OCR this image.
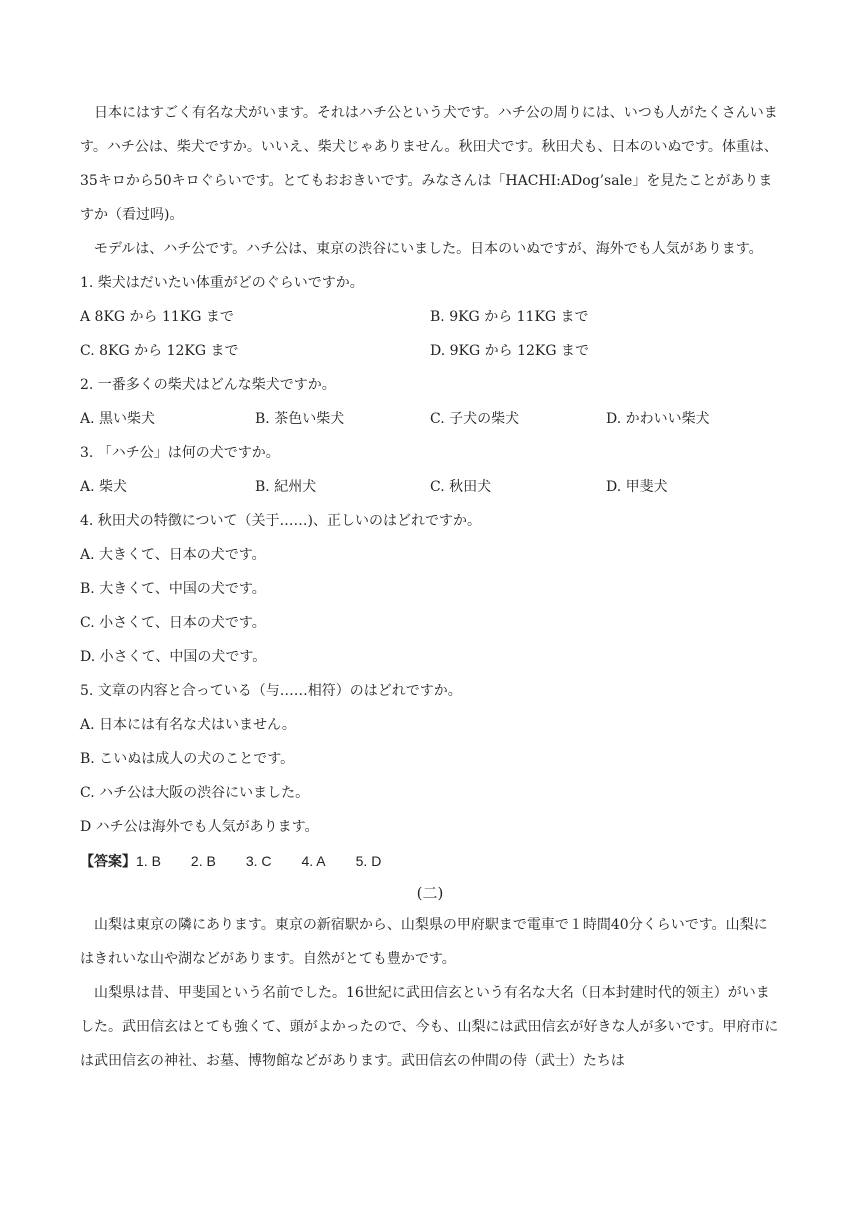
日本にはすごく有名な犬がいます。それはハチ公という犬です。ハチ公の周りには、いつも人がたくさんいます。ハチ公は、柴犬ですか。いいえ、柴犬じゃありません。秋田犬です。秋田犬も、日本のいぬです。体重は、35キロから50キロぐらいです。とてもおおきいです。みなさんは「HACHI:ADog’sale」を見たことがありますか（看过吗)。

モデルは、ハチ公です。ハチ公は、東京の渋谷にいました。日本のいぬですが、海外でも人気があります。

1. 柴犬はだいたい体重がどのぐらいですか。
A 8KG から 11KG まで	B. 9KG から 11KG まで
C. 8KG から 12KG まで	D. 9KG から 12KG まで
2. 一番多くの柴犬はどんな柴犬ですか。
A. 黒い柴犬	B. 茶色い柴犬	C. 子犬の柴犬	D. かわいい柴犬
3. 「ハチ公」は何の犬ですか。
A. 柴犬	B. 紀州犬	C. 秋田犬	D. 甲斐犬
4. 秋田犬の特徴について（关于……)、正しいのはどれですか。
A. 大きくて、日本の犬です。
B. 大きくて、中国の犬です。
C. 小さくて、日本の犬です。
D. 小さくて、中国の犬です。
5. 文章の内容と合っている（与……相符）のはどれですか。
A. 日本には有名な犬はいません。
B. こいぬは成人の犬のことです。
C. ハチ公は大阪の渋谷にいました。
D ハチ公は海外でも人気があります。
【答案】1. B 2. B 3. C 4. A 5. D
(二)

山梨は東京の隣にあります。東京の新宿駅から、山梨県の甲府駅まで電車で１時間40分くらいです。山梨にはきれいな山や湖などがあります。自然がとても豊かです。

山梨県は昔、甲斐国という名前でした。16世紀に武田信玄という有名な大名（日本封建时代的领主）がいました。武田信玄はとても強くて、頭がよかったので、今も、山梨には武田信玄が好きな人が多いです。甲府市には武田信玄の神社、お墓、博物館などがあります。武田信玄の仲間の侍（武士）たちは
